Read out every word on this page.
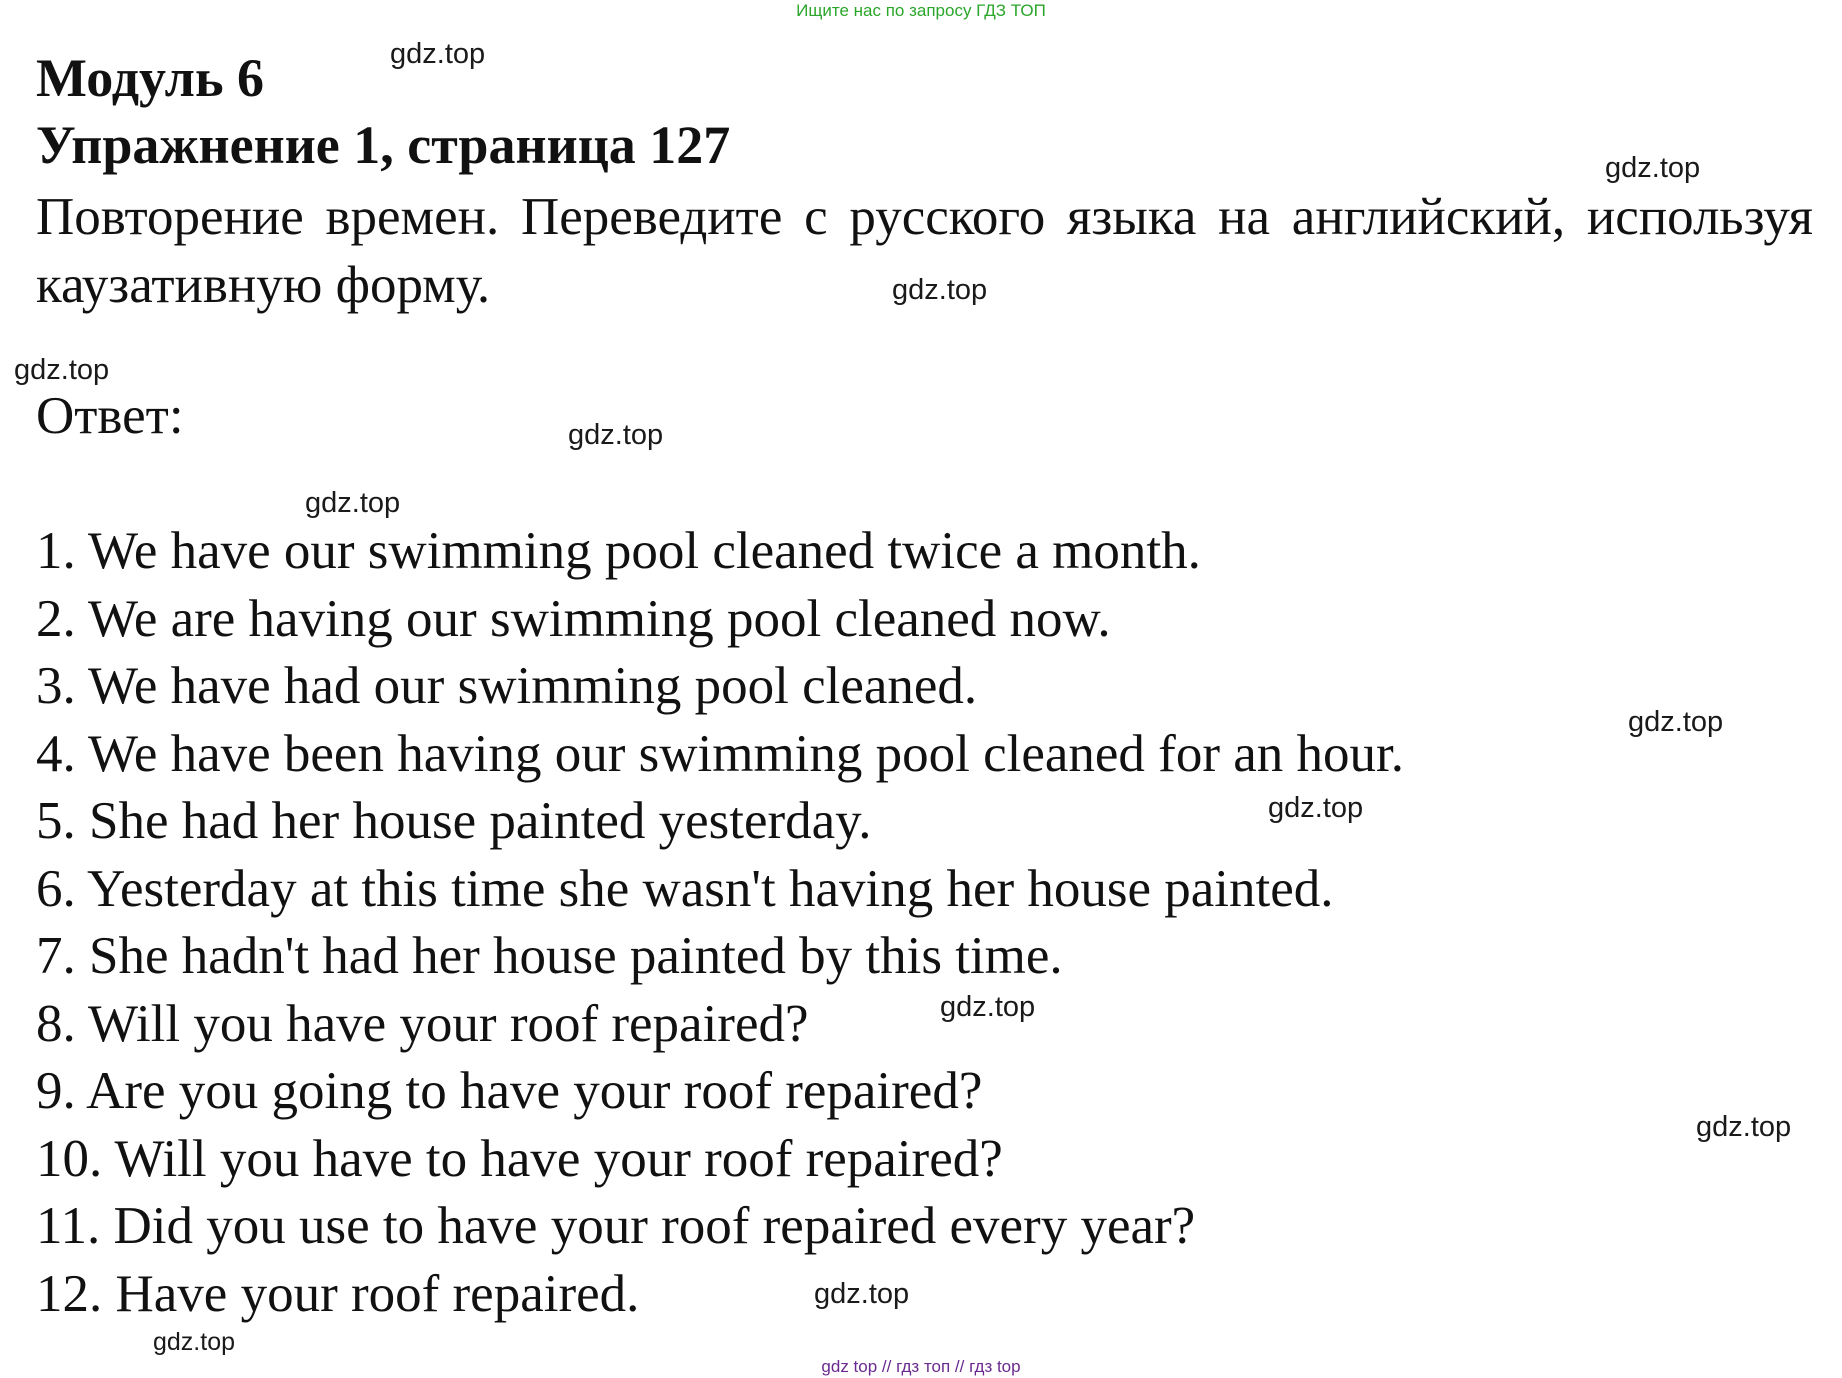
Ищите нас по запросу ГДЗ ТОП
Модуль 6
Упражнение 1, страница 127
Повторение времен. Переведите с русского языка на английский, используя каузативную форму.
Ответ:
1. We have our swimming pool cleaned twice a month.
2. We are having our swimming pool cleaned now.
3. We have had our swimming pool cleaned.
4. We have been having our swimming pool cleaned for an hour.
5. She had her house painted yesterday.
6. Yesterday at this time she wasn't having her house painted.
7. She hadn't had her house painted by this time.
8. Will you have your roof repaired?
9. Are you going to have your roof repaired?
10. Will you have to have your roof repaired?
11. Did you use to have your roof repaired every year?
12. Have your roof repaired.
gdz.top
gdz.top
gdz.top
gdz.top
gdz.top
gdz.top
gdz.top
gdz.top
gdz.top
gdz.top
gdz.top
gdz.top
gdz top // гдз топ // гдз top
